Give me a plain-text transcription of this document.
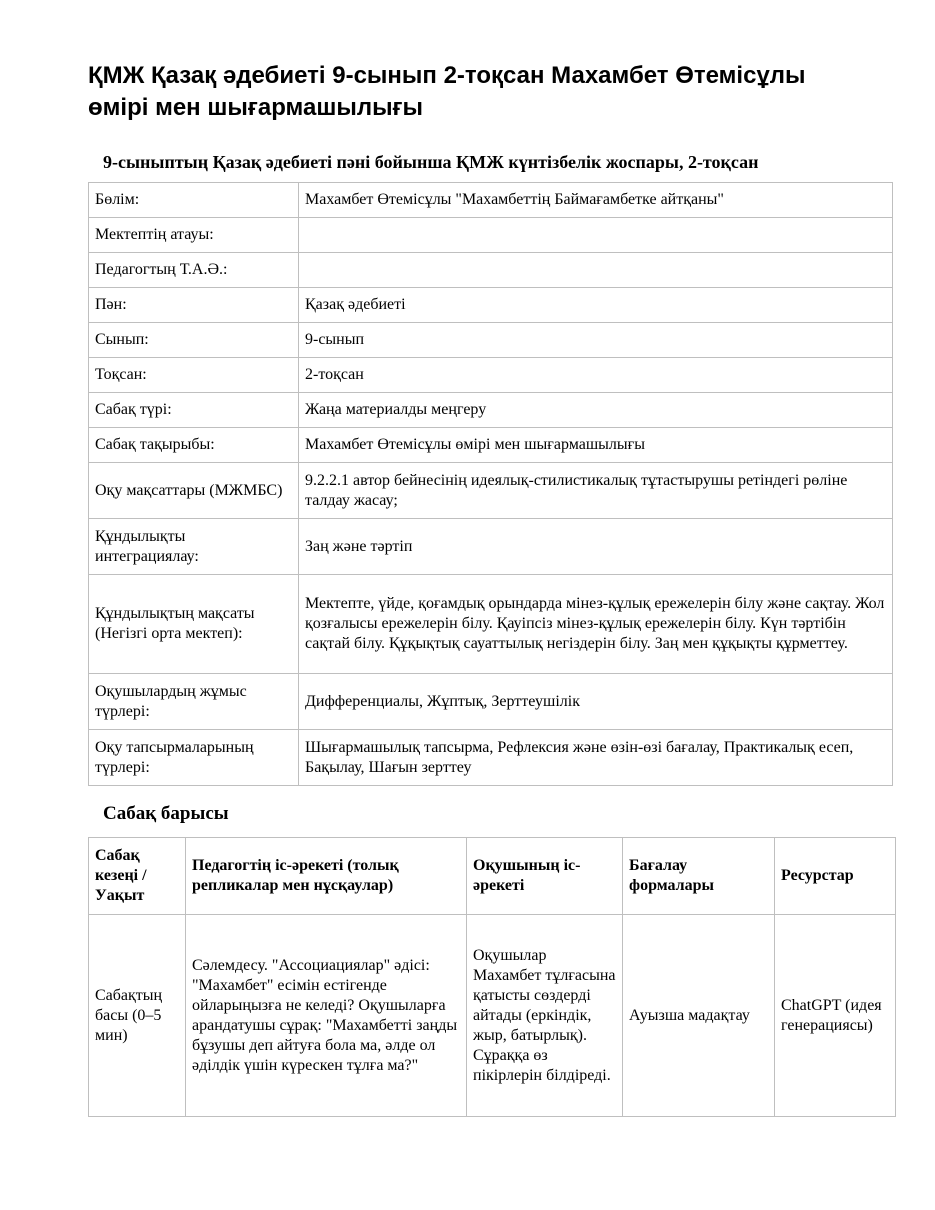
ҚМЖ Қазақ әдебиеті 9-сынып 2-тоқсан Махамбет Өтемісұлы өмірі мен шығармашылығы
9-сыныптың Қазақ әдебиеті пәні бойынша ҚМЖ күнтізбелік жоспары, 2-тоқсан
Бөлім:	Махамбет Өтемісұлы "Махамбеттің Баймағамбетке айтқаны"
Мектептің атауы:	
Педагогтың Т.А.Ә.:	
Пән:	Қазақ әдебиеті
Сынып:	9-сынып
Тоқсан:	2-тоқсан
Сабақ түрі:	Жаңа материалды меңгеру
Сабақ тақырыбы:	Махамбет Өтемісұлы өмірі мен шығармашылығы
Оқу мақсаттары (МЖМБС)	9.2.2.1 автор бейнесінің идеялық-стилистикалық тұтастырушы ретіндегі рөліне талдау жасау;
Құндылықты интеграциялау:	Заң және тәртіп
Құндылықтың мақсаты (Негізгі орта мектеп):	Мектепте, үйде, қоғамдық орындарда мінез-құлық ережелерін білу және сақтау. Жол қозғалысы ережелерін білу. Қауіпсіз мінез-құлық ережелерін білу. Күн тәртібін сақтай білу. Құқықтық сауаттылық негіздерін білу. Заң мен құқықты құрметтеу.
Оқушылардың жұмыс түрлері:	Дифференциалы, Жұптық, Зерттеушілік
Оқу тапсырмаларының түрлері:	Шығармашылық тапсырма, Рефлексия және өзін-өзі бағалау, Практикалық есеп, Бақылау, Шағын зерттеу
Сабақ барысы
Сабақ кезеңі / Уақыт	Педагогтің іс-әрекеті (толық репликалар мен нұсқаулар)	Оқушының іс-әрекеті	Бағалау формалары	Ресурстар
Сабақтың басы (0–5 мин)	Сәлемдесу. "Ассоциациялар" әдісі: "Махамбет" есімін естігенде ойларыңызға не келеді? Оқушыларға арандатушы сұрақ: "Махамбетті заңды бұзушы деп айтуға бола ма, әлде ол әділдік үшін күрескен тұлға ма?"	Оқушылар Махамбет тұлғасына қатысты сөздерді айтады (еркіндік, жыр, батырлық). Сұраққа өз пікірлерін білдіреді.	Ауызша мадақтау	ChatGPT (идея генерациясы)
